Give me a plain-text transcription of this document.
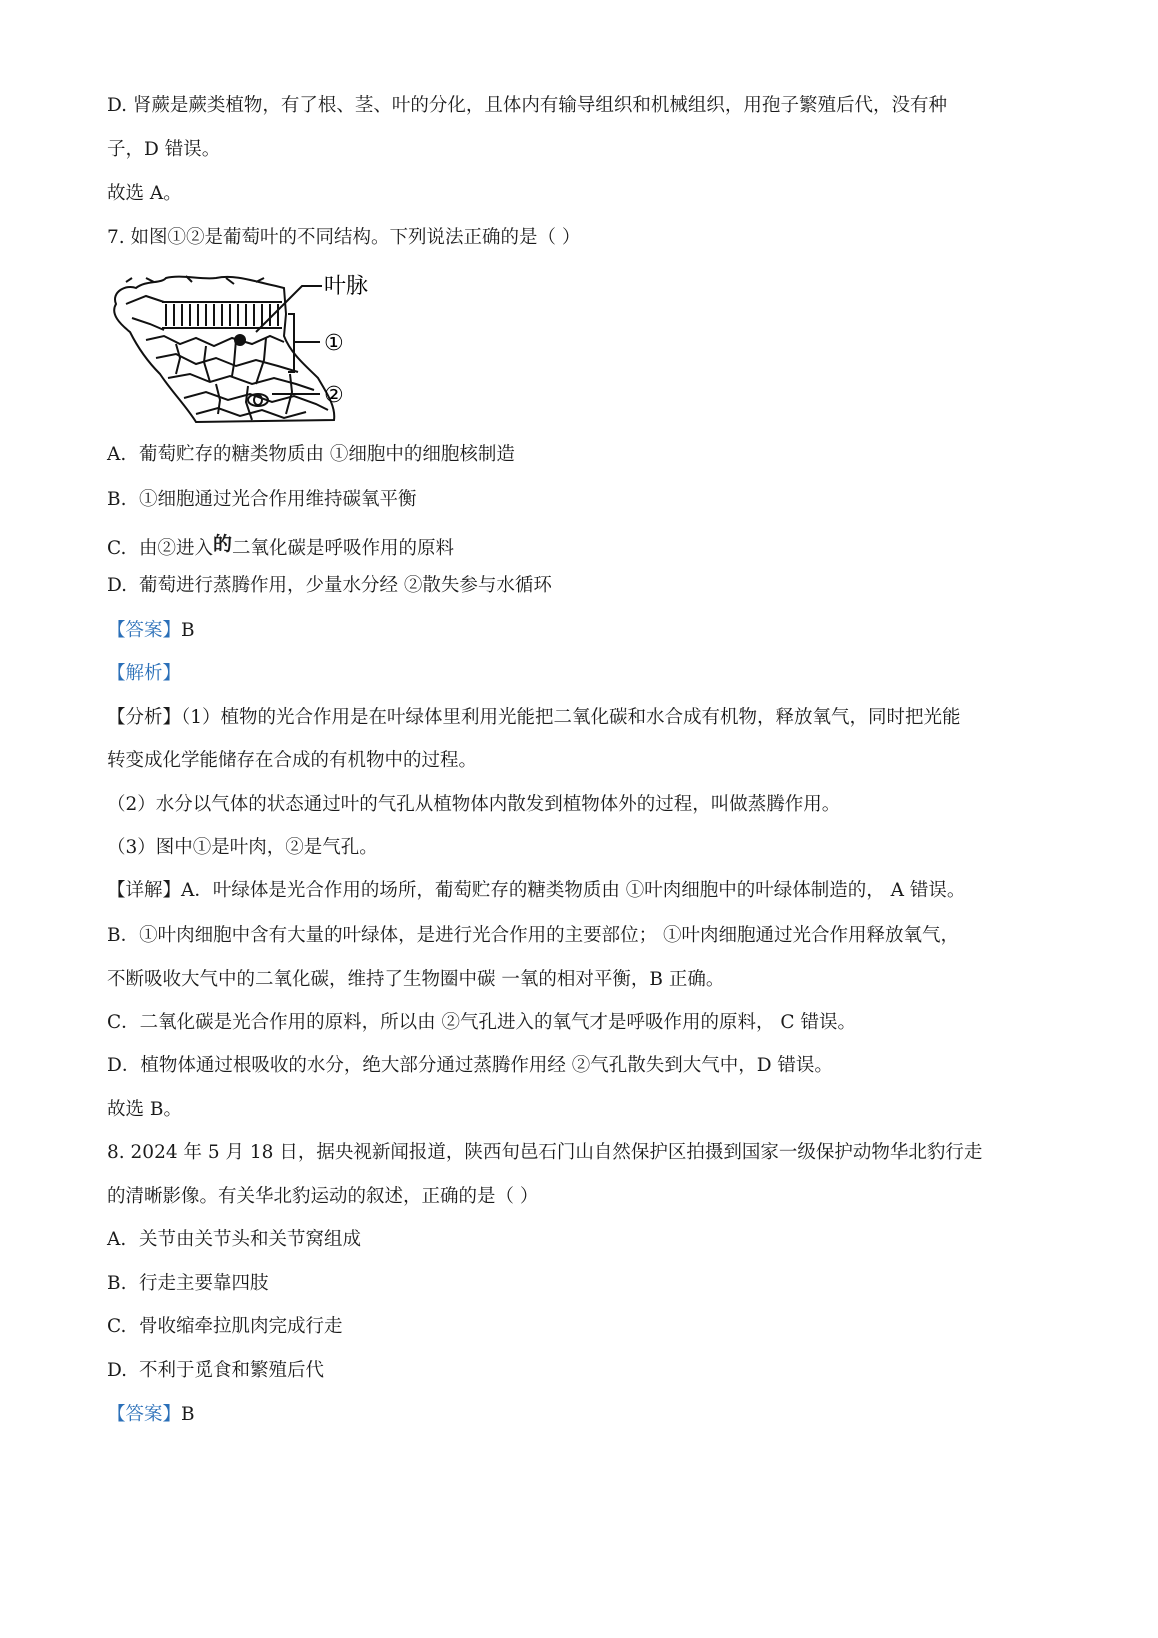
D. 肾蕨是蕨类植物，有了根、茎、叶的分化，且体内有输导组织和机械组织，用孢子繁殖后代，没有种
子，D 错误。
故选 A。
7. 如图①②是葡萄叶的不同结构。下列说法正确的是（ ）
叶脉
①
②
A. 葡萄贮存的糖类物质由 ①细胞中的细胞核制造
B. ①细胞通过光合作用维持碳氧平衡
C. 由②进入的二氧化碳是呼吸作用的原料
D. 葡萄进行蒸腾作用，少量水分经 ②散失参与水循环
【答案】B
【解析】
【分析】（1）植物的光合作用是在叶绿体里利用光能把二氧化碳和水合成有机物，释放氧气，同时把光能
转变成化学能储存在合成的有机物中的过程。
（2）水分以气体的状态通过叶的气孔从植物体内散发到植物体外的过程，叫做蒸腾作用。
（3）图中①是叶肉，②是气孔。
【详解】A．叶绿体是光合作用的场所，葡萄贮存的糖类物质由 ①叶肉细胞中的叶绿体制造的， A 错误。
B．①叶肉细胞中含有大量的叶绿体，是进行光合作用的主要部位； ①叶肉细胞通过光合作用释放氧气，
不断吸收大气中的二氧化碳，维持了生物圈中碳 一氧的相对平衡，B 正确。
C．二氧化碳是光合作用的原料，所以由 ②气孔进入的氧气才是呼吸作用的原料， C 错误。
D．植物体通过根吸收的水分，绝大部分通过蒸腾作用经 ②气孔散失到大气中，D 错误。
故选 B。
8. 2024 年 5 月 18 日，据央视新闻报道，陕西旬邑石门山自然保护区拍摄到国家一级保护动物华北豹行走
的清晰影像。有关华北豹运动的叙述，正确的是（ ）
A. 关节由关节头和关节窝组成
B. 行走主要靠四肢
C. 骨收缩牵拉肌肉完成行走
D. 不利于觅食和繁殖后代
【答案】B
